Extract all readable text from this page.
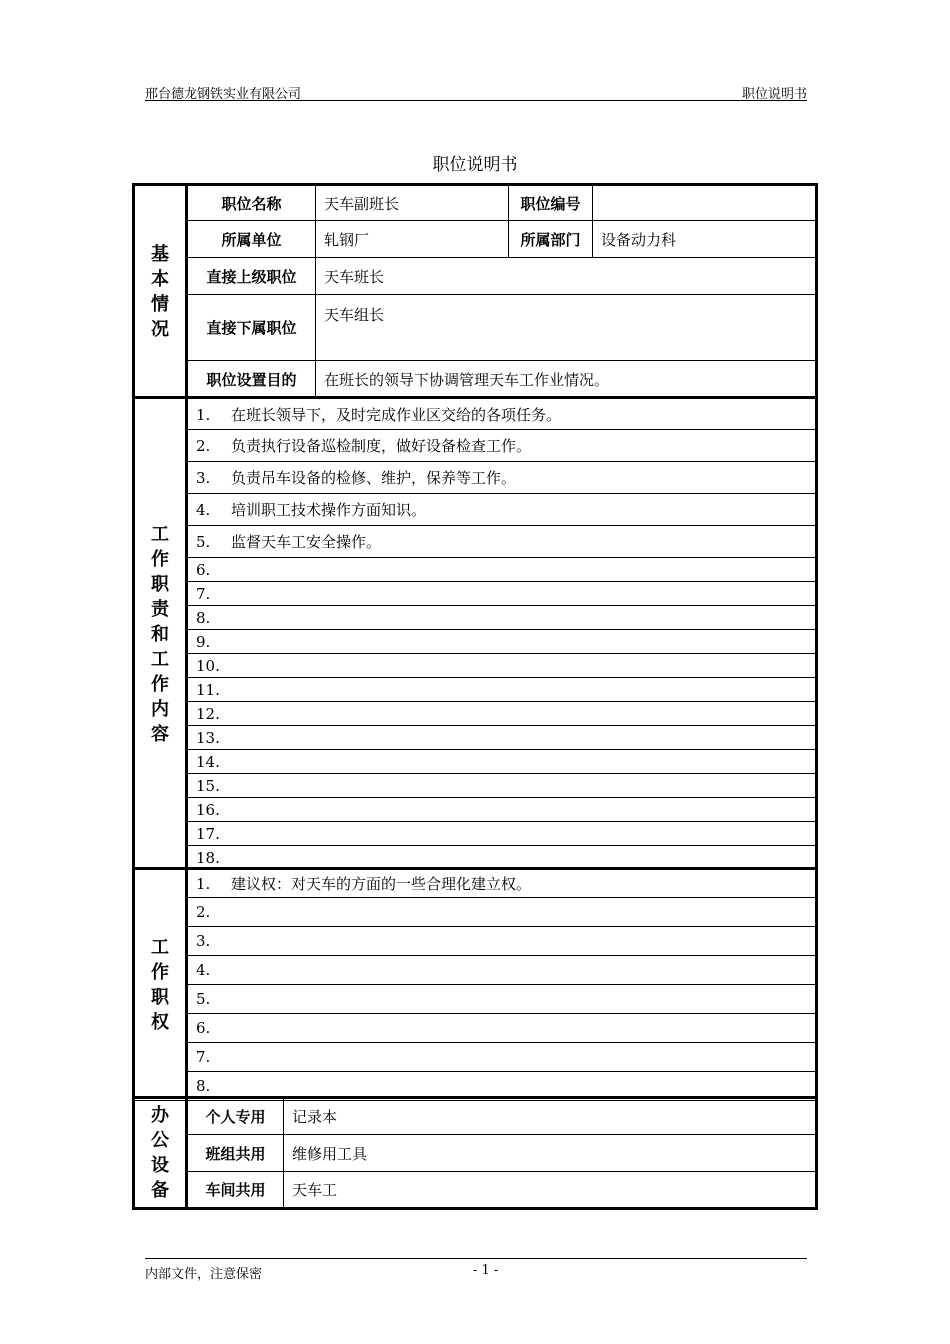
邢台德龙钢铁实业有限公司	职位说明书
职位说明书
基本情况	职位名称	天车副班长	职位编号	
	所属单位	轧钢厂	所属部门	设备动力科
	直接上级职位	天车班长		
	直接下属职位	天车组长		
	职位设置目的	在班长的领导下协调管理天车工作业情况。		
工作职责和工作内容	1. 在班长领导下，及时完成作业区交给的各项任务。
2. 负责执行设备巡检制度，做好设备检查工作。
3. 负责吊车设备的检修、维护，保养等工作。
4. 培训职工技术操作方面知识。
5. 监督天车工安全操作。
6.
7.
8.
9.
10.
11.
12.
13.
14.
15.
16.
17.
18.
工作职权	1. 建议权：对天车的方面的一些合理化建立权。
2.
3.
4.
5.
6.
7.
8.
办公设备	个人专用	记录本
	班组共用	维修用工具
	车间共用	天车工
内部文件，注意保密	- 1 -
